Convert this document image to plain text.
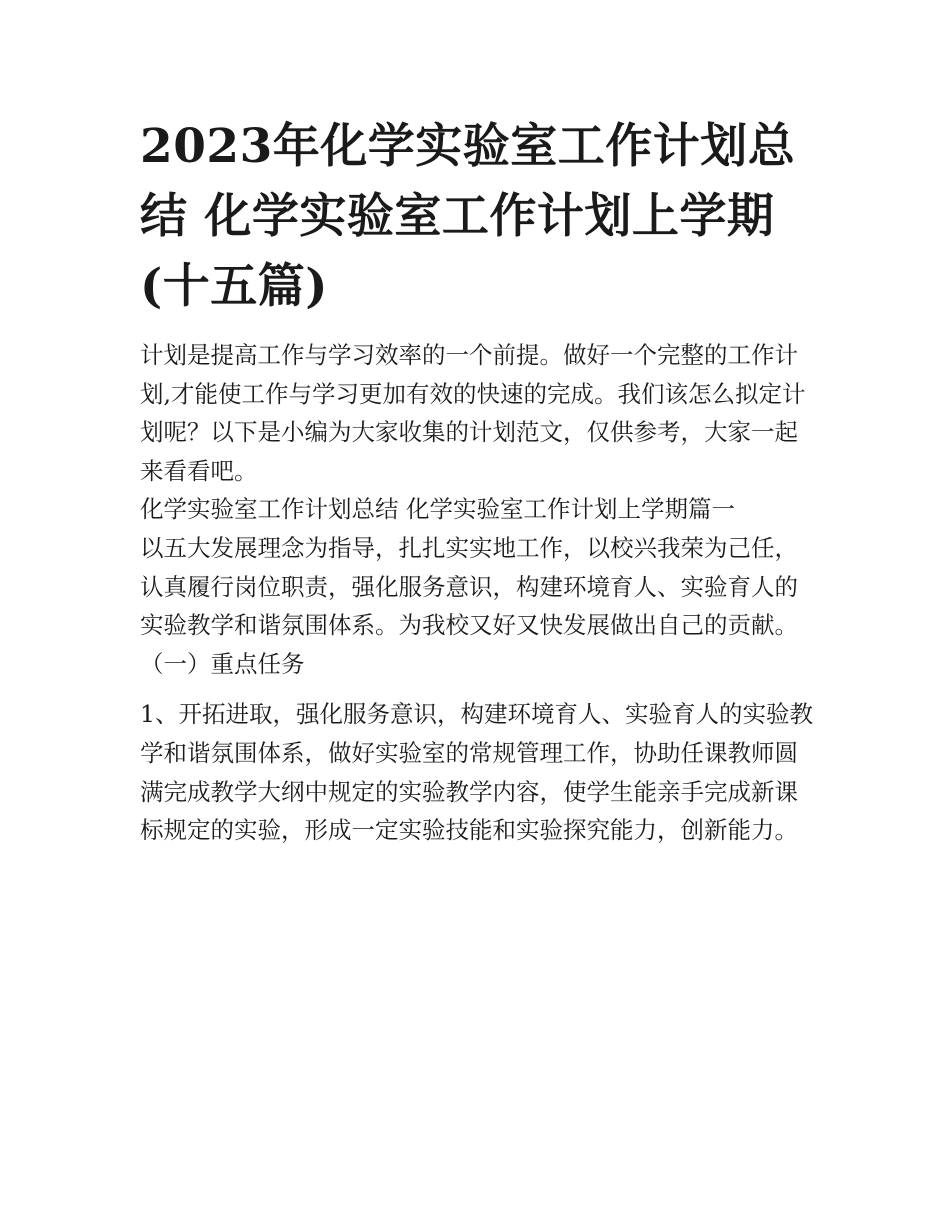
2023年化学实验室工作计划总结 化学实验室工作计划上学期(十五篇)

计划是提高工作与学习效率的一个前提。做好一个完整的工作计划,才能使工作与学习更加有效的快速的完成。我们该怎么拟定计划呢？以下是小编为大家收集的计划范文，仅供参考，大家一起来看看吧。

化学实验室工作计划总结 化学实验室工作计划上学期篇一

以五大发展理念为指导，扎扎实实地工作，以校兴我荣为己任，认真履行岗位职责，强化服务意识，构建环境育人、实验育人的实验教学和谐氛围体系。为我校又好又快发展做出自己的贡献。

（一）重点任务

1、开拓进取，强化服务意识，构建环境育人、实验育人的实验教学和谐氛围体系，做好实验室的常规管理工作，协助任课教师圆满完成教学大纲中规定的实验教学内容，使学生能亲手完成新课标规定的实验，形成一定实验技能和实验探究能力，创新能力。
